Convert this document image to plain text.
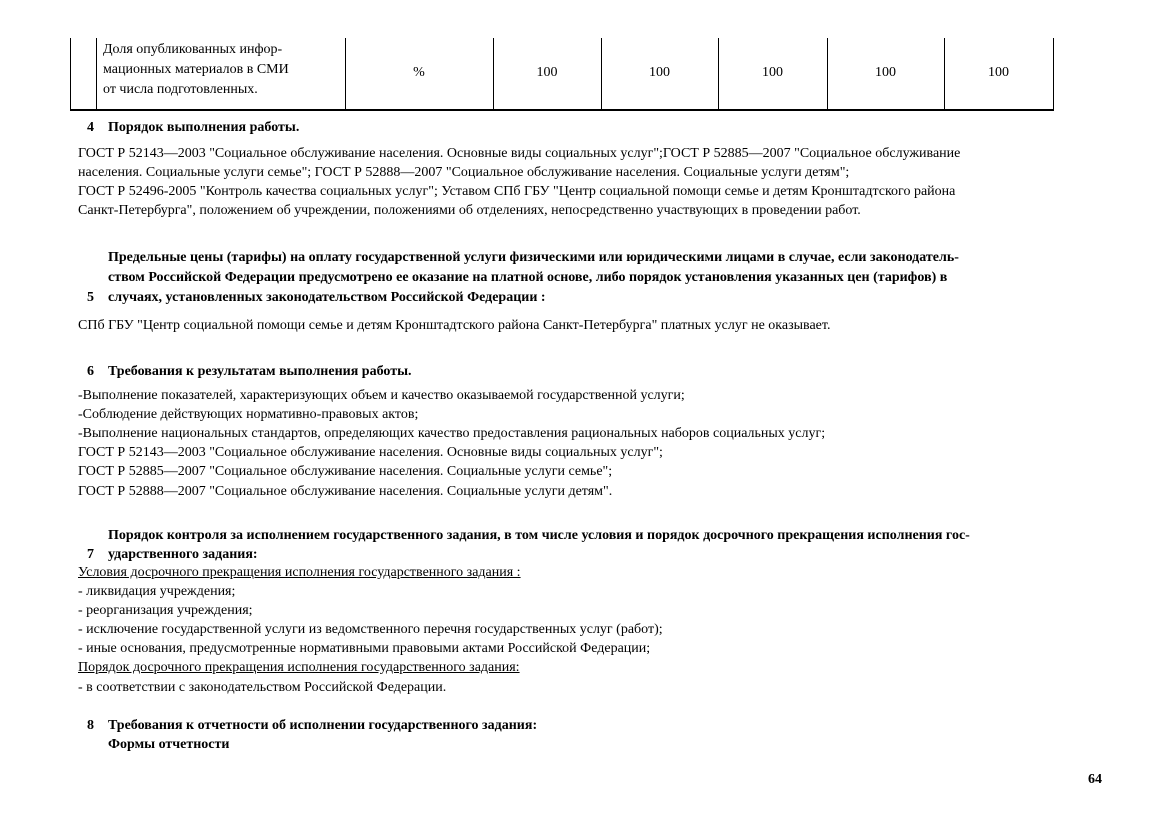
Доля опубликованных инфор-
мационных материалов в СМИ
от числа подготовленных.
%	100	100	100	100	100
4 Порядок выполнения работы.
ГОСТ Р 52143—2003 "Социальное обслуживание населения. Основные виды социальных услуг";ГОСТ Р 52885—2007 "Социальное обслуживание
населения. Социальные услуги семье"; ГОСТ Р 52888—2007 "Социальное обслуживание населения. Социальные услуги детям";
ГОСТ Р 52496-2005 "Контроль качества социальных услуг"; Уставом СПб ГБУ "Центр социальной помощи семье и детям Кронштадтского района
Санкт-Петербурга", положением об учреждении, положениями об отделениях, непосредственно участвующих в проведении работ.
Предельные цены (тарифы) на оплату государственной услуги физическими или юридическими лицами в случае, если законодатель-
ством Российской Федерации предусмотрено ее оказание на платной основе, либо порядок установления указанных цен (тарифов) в
5 случаях, установленных законодательством Российской Федерации :
СПб ГБУ "Центр социальной помощи семье и детям Кронштадтского района Санкт-Петербурга" платных услуг не оказывает.
6 Требования к результатам выполнения работы.
-Выполнение показателей, характеризующих объем и качество оказываемой государственной услуги;
-Соблюдение действующих нормативно-правовых актов;
-Выполнение национальных стандартов, определяющих качество предоставления рациональных наборов социальных услуг;
ГОСТ Р 52143—2003 "Социальное обслуживание населения. Основные виды социальных услуг";
ГОСТ Р 52885—2007 "Социальное обслуживание населения. Социальные услуги семье";
ГОСТ Р 52888—2007 "Социальное обслуживание населения. Социальные услуги детям".
Порядок контроля за исполнением государственного задания, в том числе условия и порядок досрочного прекращения исполнения гос-
7 ударственного задания:
Условия досрочного прекращения исполнения государственного задания :
- ликвидация учреждения;
- реорганизация учреждения;
- исключение государственной услуги из ведомственного перечня государственных услуг (работ);
- иные основания, предусмотренные нормативными правовыми актами Российской Федерации;
Порядок досрочного прекращения исполнения государственного задания:
- в соответствии с законодательством Российской Федерации.
8 Требования к отчетности об исполнении государственного задания:
Формы отчетности
64
